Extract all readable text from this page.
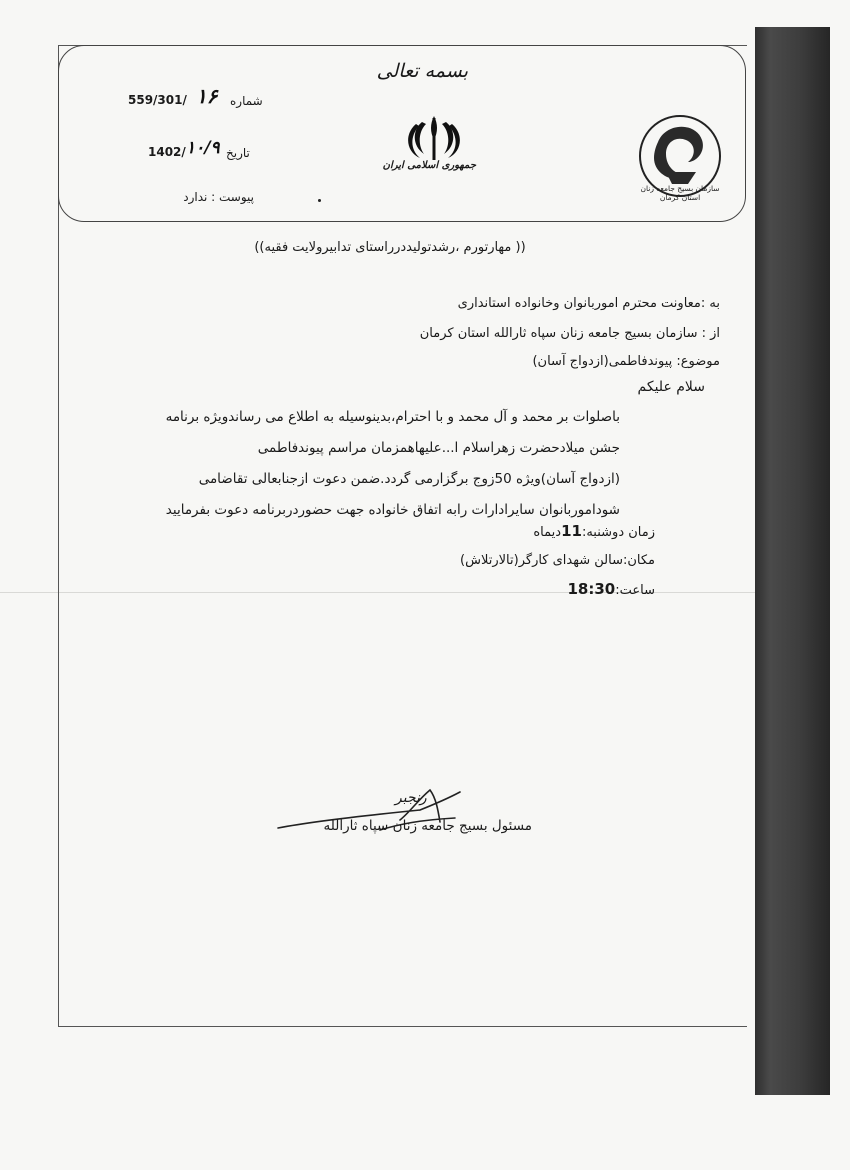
بسمه تعالی
جمهوری اسلامی ایران
سازمان بسیج جامعه زنان
استان کرمان
شماره
۱۶
559/301/
تاریخ
1402/ ۱۰/۹
پیوست : ندارد
(( مهارتورم ،رشدتولیددرراستای تدابیرولایت فقیه))
به :معاونت محترم اموربانوان وخانواده استانداری
از : سازمان بسیج جامعه زنان سپاه ثارالله استان کرمان
موضوع: پیوندفاطمی(ازدواج آسان)
سلام علیکم
باصلوات بر محمد و آل محمد و با احترام،بدینوسیله به اطلاع می رساندویژه برنامه
جشن میلادحضرت زهراسلام ا...علیهاهمزمان مراسم پیوندفاطمی
(ازدواج آسان)ویژه 50زوج برگزارمی گردد.ضمن دعوت ازجنابعالی تقاضامی
شوداموربانوان سایرادارات رابه اتفاق خانواده جهت حضوردربرنامه دعوت بفرمایید
زمان دوشنبه:11دیماه
مکان:سالن شهدای کارگر(تالارتلاش)
ساعت:18:30
رنجبر
مسئول بسیج جامعه زنان سپاه ثارالله
